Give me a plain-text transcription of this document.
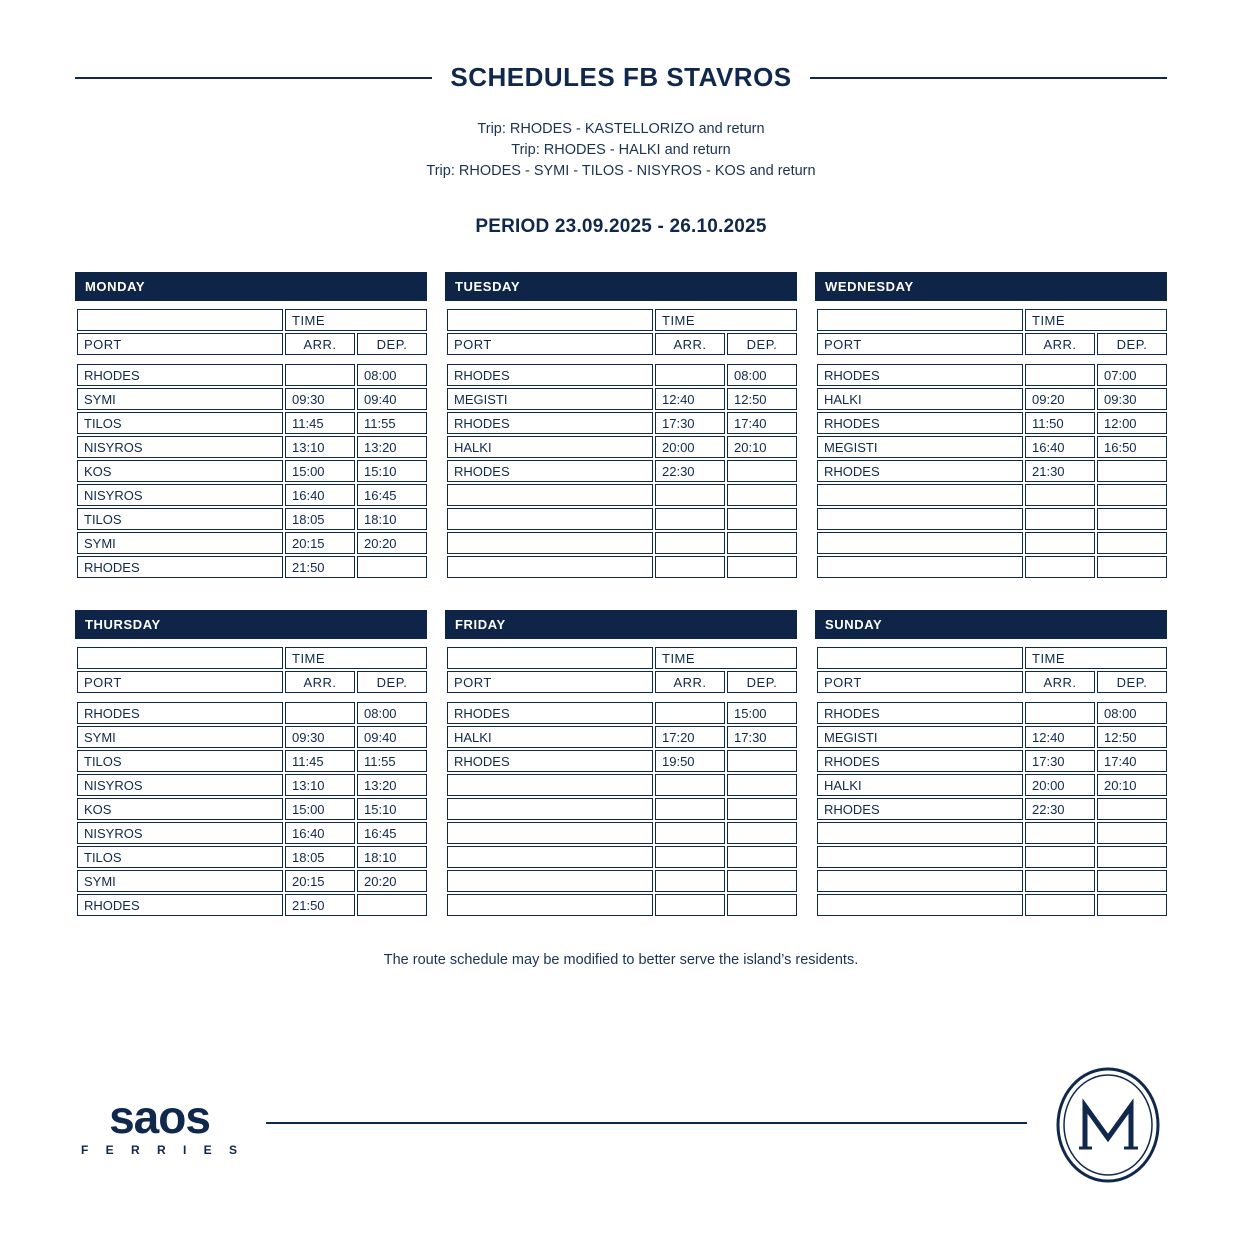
SCHEDULES FB STAVROS
Trip: RHODES - KASTELLORIZO and return
Trip: RHODES - HALKI and return
Trip: RHODES - SYMI - TILOS - NISYROS - KOS and return
PERIOD 23.09.2025 - 26.10.2025
MONDAY
	TIME	
PORT	ARR.	DEP.

RHODES		08:00
SYMI	09:30	09:40
TILOS	11:45	11:55
NISYROS	13:10	13:20
KOS	15:00	15:10
NISYROS	16:40	16:45
TILOS	18:05	18:10
SYMI	20:15	20:20
RHODES	21:50	
TUESDAY
	TIME	
PORT	ARR.	DEP.

RHODES		08:00
MEGISTI	12:40	12:50
RHODES	17:30	17:40
HALKI	20:00	20:10
RHODES	22:30	

WEDNESDAY
	TIME	
PORT	ARR.	DEP.

RHODES		07:00
HALKI	09:20	09:30
RHODES	11:50	12:00
MEGISTI	16:40	16:50
RHODES	21:30	

THURSDAY
	TIME	
PORT	ARR.	DEP.

RHODES		08:00
SYMI	09:30	09:40
TILOS	11:45	11:55
NISYROS	13:10	13:20
KOS	15:00	15:10
NISYROS	16:40	16:45
TILOS	18:05	18:10
SYMI	20:15	20:20
RHODES	21:50	
FRIDAY
	TIME	
PORT	ARR.	DEP.

RHODES		15:00
HALKI	17:20	17:30
RHODES	19:50	

SUNDAY
	TIME	
PORT	ARR.	DEP.

RHODES		08:00
MEGISTI	12:40	12:50
RHODES	17:30	17:40
HALKI	20:00	20:10
RHODES	22:30	

The route schedule may be modified to better serve the island’s residents.
saos
F E R R I E S
